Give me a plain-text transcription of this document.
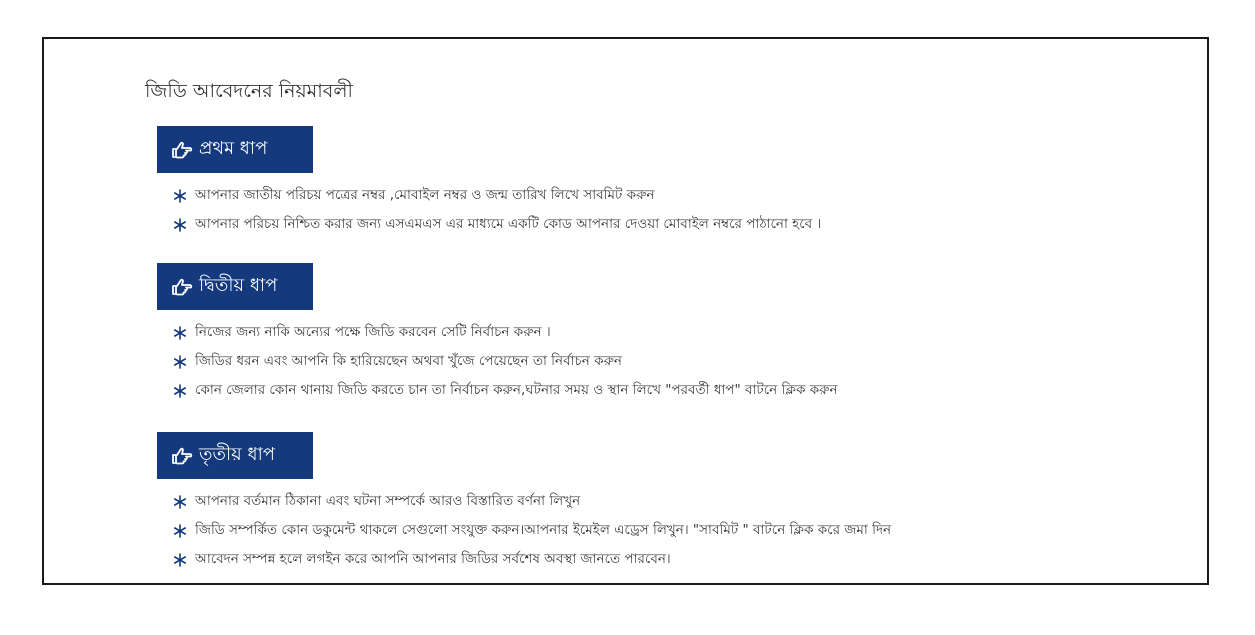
জিডি আবেদনের নিয়মাবলী
প্রথম ধাপ
আপনার জাতীয় পরিচয় পত্রের নম্বর ,মোবাইল নম্বর ও জন্ম তারিখ লিখে সাবমিট করুন
আপনার পরিচয় নিশ্চিত করার জন্য এসএমএস এর মাধ্যমে একটি কোড আপনার দেওয়া মোবাইল নম্বরে পাঠানো হবে ।
দ্বিতীয় ধাপ
নিজের জন্য নাকি অন্যের পক্ষে জিডি করবেন সেটি নির্বাচন করুন ।
জিডির ধরন এবং আপনি কি হারিয়েছেন অথবা খুঁজে পেয়েছেন তা নির্বাচন করুন
কোন জেলার কোন থানায় জিডি করতে চান তা নির্বাচন করুন,ঘটনার সময় ও স্থান লিখে "পরবর্তী ধাপ" বাটনে ক্লিক করুন
তৃতীয় ধাপ
আপনার বর্তমান ঠিকানা এবং ঘটনা সম্পর্কে আরও বিস্তারিত বর্ণনা লিখুন
জিডি সম্পর্কিত কোন ডকুমেন্ট থাকলে সেগুলো সংযুক্ত করুন।আপনার ইমেইল এড্রেস লিখুন। "সাবমিট " বাটনে ক্লিক করে জমা দিন
আবেদন সম্পন্ন হলে লগইন করে আপনি আপনার জিডির সর্বশেষ অবস্থা জানতে পারবেন।
